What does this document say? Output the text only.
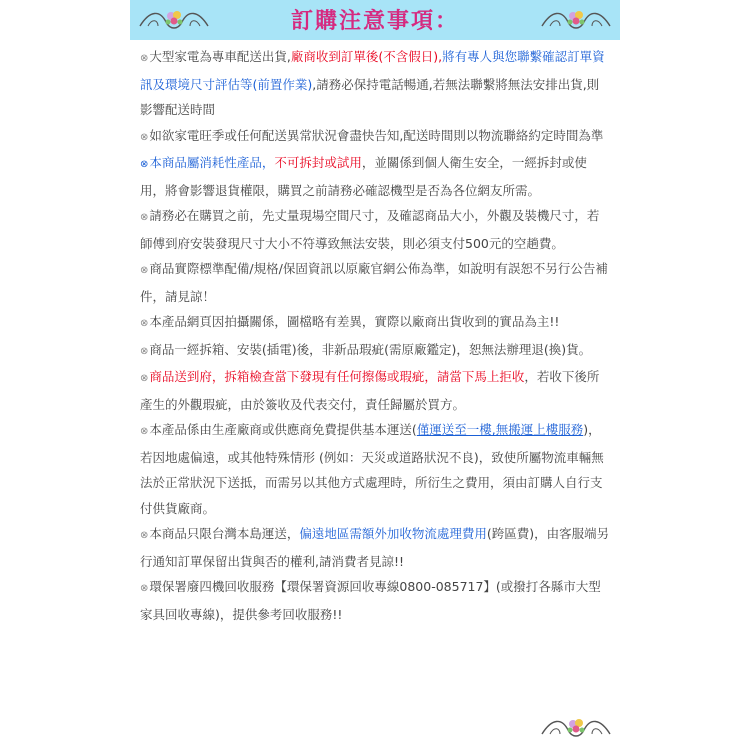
訂購注意事項：

⊗大型家電為專車配送出貨,廠商收到訂單後(不含假日),將有專人與您聯繫確認訂單資訊及環境尺寸評估等(前置作業),請務必保持電話暢通,若無法聯繫將無法安排出貨,則影響配送時間

⊗如欲家電旺季或任何配送異常狀況會盡快告知,配送時間則以物流聯絡約定時間為準

⊗本商品屬消耗性產品，不可拆封或試用，並關係到個人衛生安全，一經拆封或使用，將會影響退貨權限，購買之前請務必確認機型是否為各位網友所需。

⊗請務必在購買之前，先丈量現場空間尺寸，及確認商品大小，外觀及裝機尺寸，若師傅到府安裝發現尺寸大小不符導致無法安裝，則必須支付500元的空趟費。

⊗商品實際標準配備/規格/保固資訊以原廠官網公佈為準，如說明有誤恕不另行公告補件，請見諒！

⊗本產品網頁因拍攝關係，圖檔略有差異，實際以廠商出貨收到的實品為主!!

⊗商品一經拆箱、安裝(插電)後，非新品瑕疵(需原廠鑑定)，恕無法辦理退(換)貨。

⊗商品送到府，拆箱檢查當下發現有任何擦傷或瑕疵，請當下馬上拒收，若收下後所產生的外觀瑕疵，由於簽收及代表交付，責任歸屬於買方。

⊗本產品係由生產廠商或供應商免費提供基本運送(僅運送至一樓,無搬運上樓服務)，若因地處偏遠，或其他特殊情形 (例如：天災或道路狀況不良)，致使所屬物流車輛無法於正常狀況下送抵，而需另以其他方式處理時，所衍生之費用，須由訂購人自行支付供貨廠商。

⊗本商品只限台灣本島運送，偏遠地區需額外加收物流處理費用(跨區費)，由客服端另行通知訂單保留出貨與否的權利,請消費者見諒!!

⊗環保署廢四機回收服務【環保署資源回收專線0800-085717】(或撥打各縣市大型家具回收專線)，提供參考回收服務!!
